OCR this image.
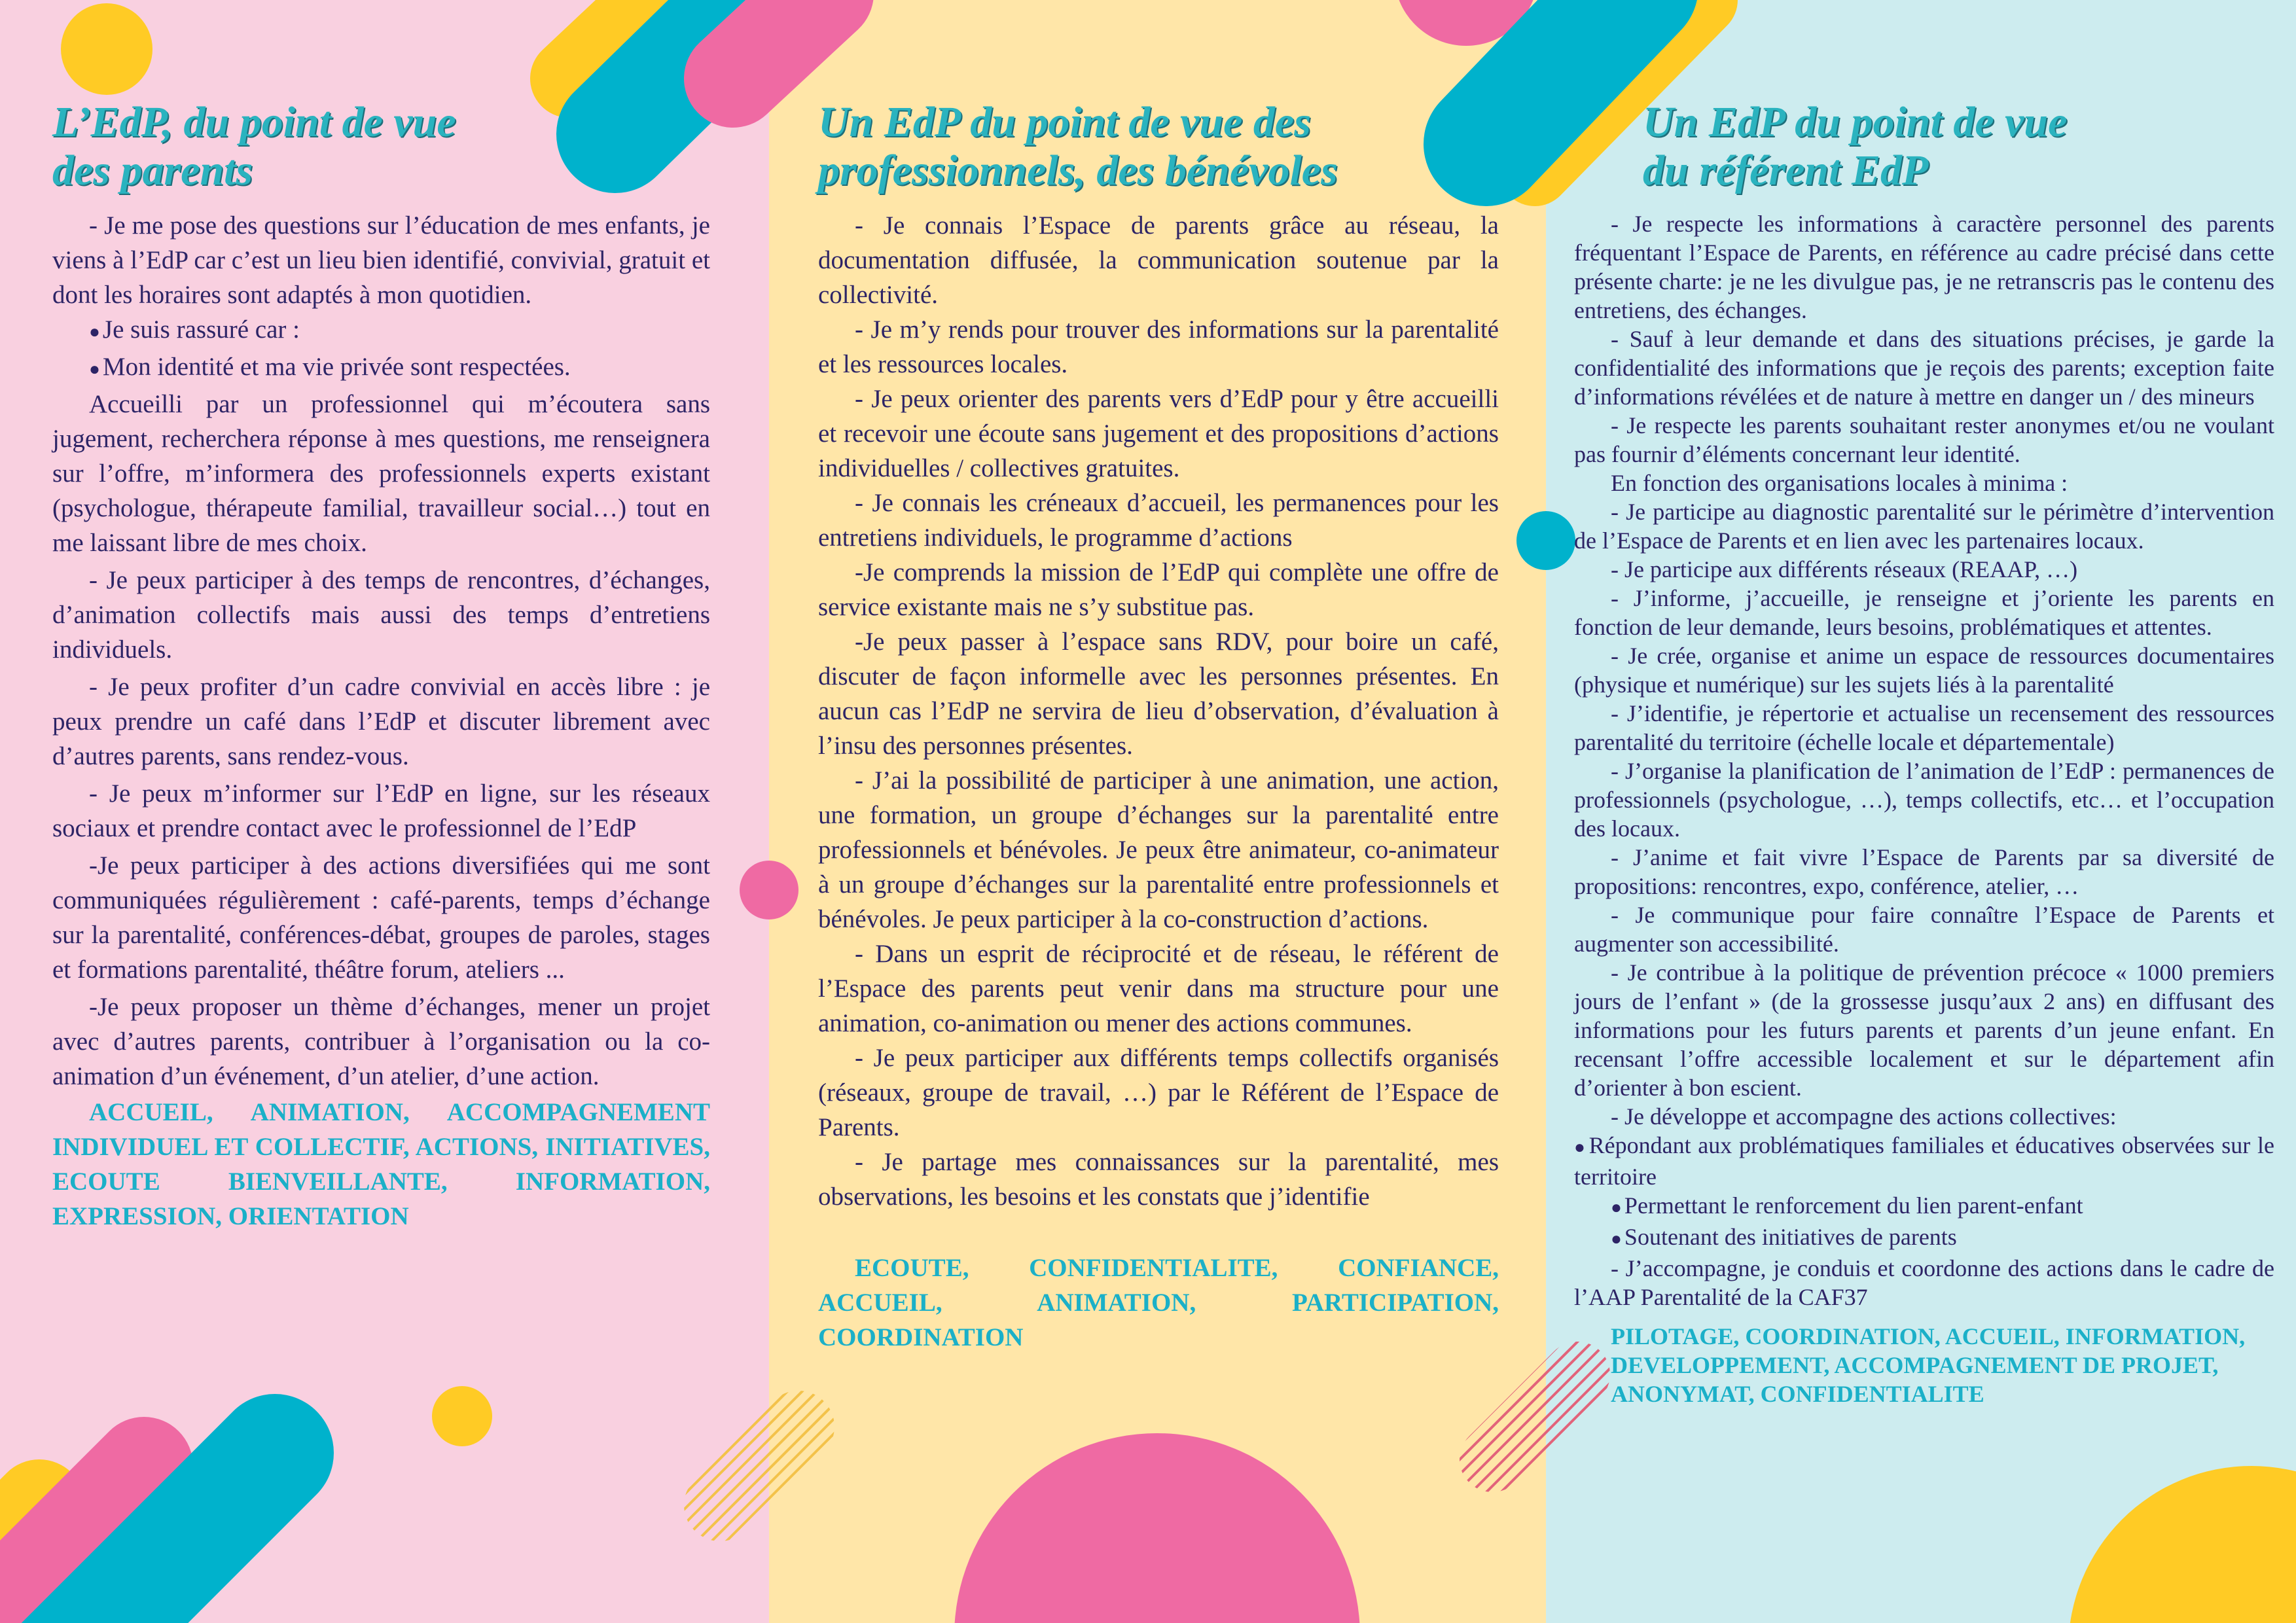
L’EdP, du point de vue
des parents

- Je me pose des questions sur l’éducation de mes enfants, je viens à l’EdP car c’est un lieu bien identifié, convivial, gratuit et dont les horaires sont adaptés à mon quotidien.

● Je suis rassuré car :

● Mon identité et ma vie privée sont respectées.

Accueilli par un professionnel qui m’écoutera sans jugement, recherchera réponse à mes questions, me renseignera sur l’offre, m’informera des professionnels experts existant (psychologue, thérapeute familial, travailleur social…) tout en me laissant libre de mes choix.

- Je peux participer à des temps de rencontres, d’échanges, d’animation collectifs mais aussi des temps d’entretiens individuels.

- Je peux profiter d’un cadre convivial en accès libre : je peux prendre un café dans l’EdP et discuter librement avec d’autres parents, sans rendez-vous.

- Je peux m’informer sur l’EdP en ligne, sur les réseaux sociaux et prendre contact avec le professionnel de l’EdP

-Je peux participer à des actions diversifiées qui me sont communiquées régulièrement : café-parents, temps d’échange sur la parentalité, conférences-débat, groupes de paroles, stages et formations parentalité, théâtre forum, ateliers ...

-Je peux proposer un thème d’échanges, mener un projet avec d’autres parents, contribuer à l’organisation ou la co-animation d’un événement, d’un atelier, d’une action.

ACCUEIL, ANIMATION, ACCOMPAGNEMENT INDIVIDUEL ET COLLECTIF, ACTIONS, INITIATIVES, ECOUTE BIENVEILLANTE, INFORMATION, EXPRESSION, ORIENTATION

Un EdP du point de vue des
professionnels, des bénévoles

- Je connais l’Espace de parents grâce au réseau, la documentation diffusée, la communication soutenue par la collectivité.

- Je m’y rends pour trouver des informations sur la parentalité et les ressources locales.

- Je peux orienter des parents vers d’EdP pour y être accueilli et recevoir une écoute sans jugement et des propositions d’actions individuelles / collectives gratuites.

- Je connais les créneaux d’accueil, les permanences pour les entretiens individuels, le programme d’actions

-Je comprends la mission de l’EdP qui complète une offre de service existante mais ne s’y substitue pas.

-Je peux passer à l’espace sans RDV, pour boire un café, discuter de façon informelle avec les personnes présentes. En aucun cas l’EdP ne servira de lieu d’observation, d’évaluation à l’insu des personnes présentes.

- J’ai la possibilité de participer à une animation, une action, une formation, un groupe d’échanges sur la parentalité entre professionnels et bénévoles. Je peux être animateur, co-animateur à un groupe d’échanges sur la parentalité entre professionnels et bénévoles. Je peux participer à la co-construction d’actions.

- Dans un esprit de réciprocité et de réseau, le référent de l’Espace des parents peut venir dans ma structure pour une animation, co-animation ou mener des actions communes.

- Je peux participer aux différents temps collectifs organisés (réseaux, groupe de travail, …) par le Référent de l’Espace de Parents.

- Je partage mes connaissances sur la parentalité, mes observations, les besoins et les constats que j’identifie

ECOUTE, CONFIDENTIALITE, CONFIANCE, ACCUEIL, ANIMATION, PARTICIPATION, COORDINATION

Un EdP du point de vue
du référent EdP

- Je respecte les informations à caractère personnel des parents fréquentant l’Espace de Parents, en référence au cadre précisé dans cette présente charte: je ne les divulgue pas, je ne retranscris pas le contenu des entretiens, des échanges.

- Sauf à leur demande et dans des situations précises, je garde la confidentialité des informations que je reçois des parents; exception faite d’informations révélées et de nature à mettre en danger un / des mineurs

- Je respecte les parents souhaitant rester anonymes et/ou ne voulant pas fournir d’éléments concernant leur identité.

En fonction des organisations locales à minima :

- Je participe au diagnostic parentalité sur le périmètre d’intervention de l’Espace de Parents et en lien avec les partenaires locaux.

- Je participe aux différents réseaux (REAAP, …)

- J’informe, j’accueille, je renseigne et j’oriente les parents en fonction de leur demande, leurs besoins, problématiques et attentes.

- Je crée, organise et anime un espace de ressources documentaires (physique et numérique) sur les sujets liés à la parentalité

- J’identifie, je répertorie et actualise un recensement des ressources parentalité du territoire (échelle locale et départementale)

- J’organise la planification de l’animation de l’EdP : permanences de professionnels (psychologue, …), temps collectifs, etc… et l’occupation des locaux.

- J’anime et fait vivre l’Espace de Parents par sa diversité de propositions: rencontres, expo, conférence, atelier, …

- Je communique pour faire connaître l’Espace de Parents et augmenter son accessibilité.

- Je contribue à la politique de prévention précoce « 1000 premiers jours de l’enfant » (de la grossesse jusqu’aux 2 ans) en diffusant des informations pour les futurs parents et parents d’un jeune enfant. En recensant l’offre accessible localement et sur le département afin d’orienter à bon escient.

- Je développe et accompagne des actions collectives:

● Répondant aux problématiques familiales et éducatives observées sur le territoire

● Permettant le renforcement du lien parent-enfant

● Soutenant des initiatives de parents

- J’accompagne, je conduis et coordonne des actions dans le cadre de l’AAP Parentalité de la CAF37

PILOTAGE, COORDINATION, ACCUEIL, INFORMATION, DEVELOPPEMENT, ACCOMPAGNEMENT DE PROJET, ANONYMAT, CONFIDENTIALITE
